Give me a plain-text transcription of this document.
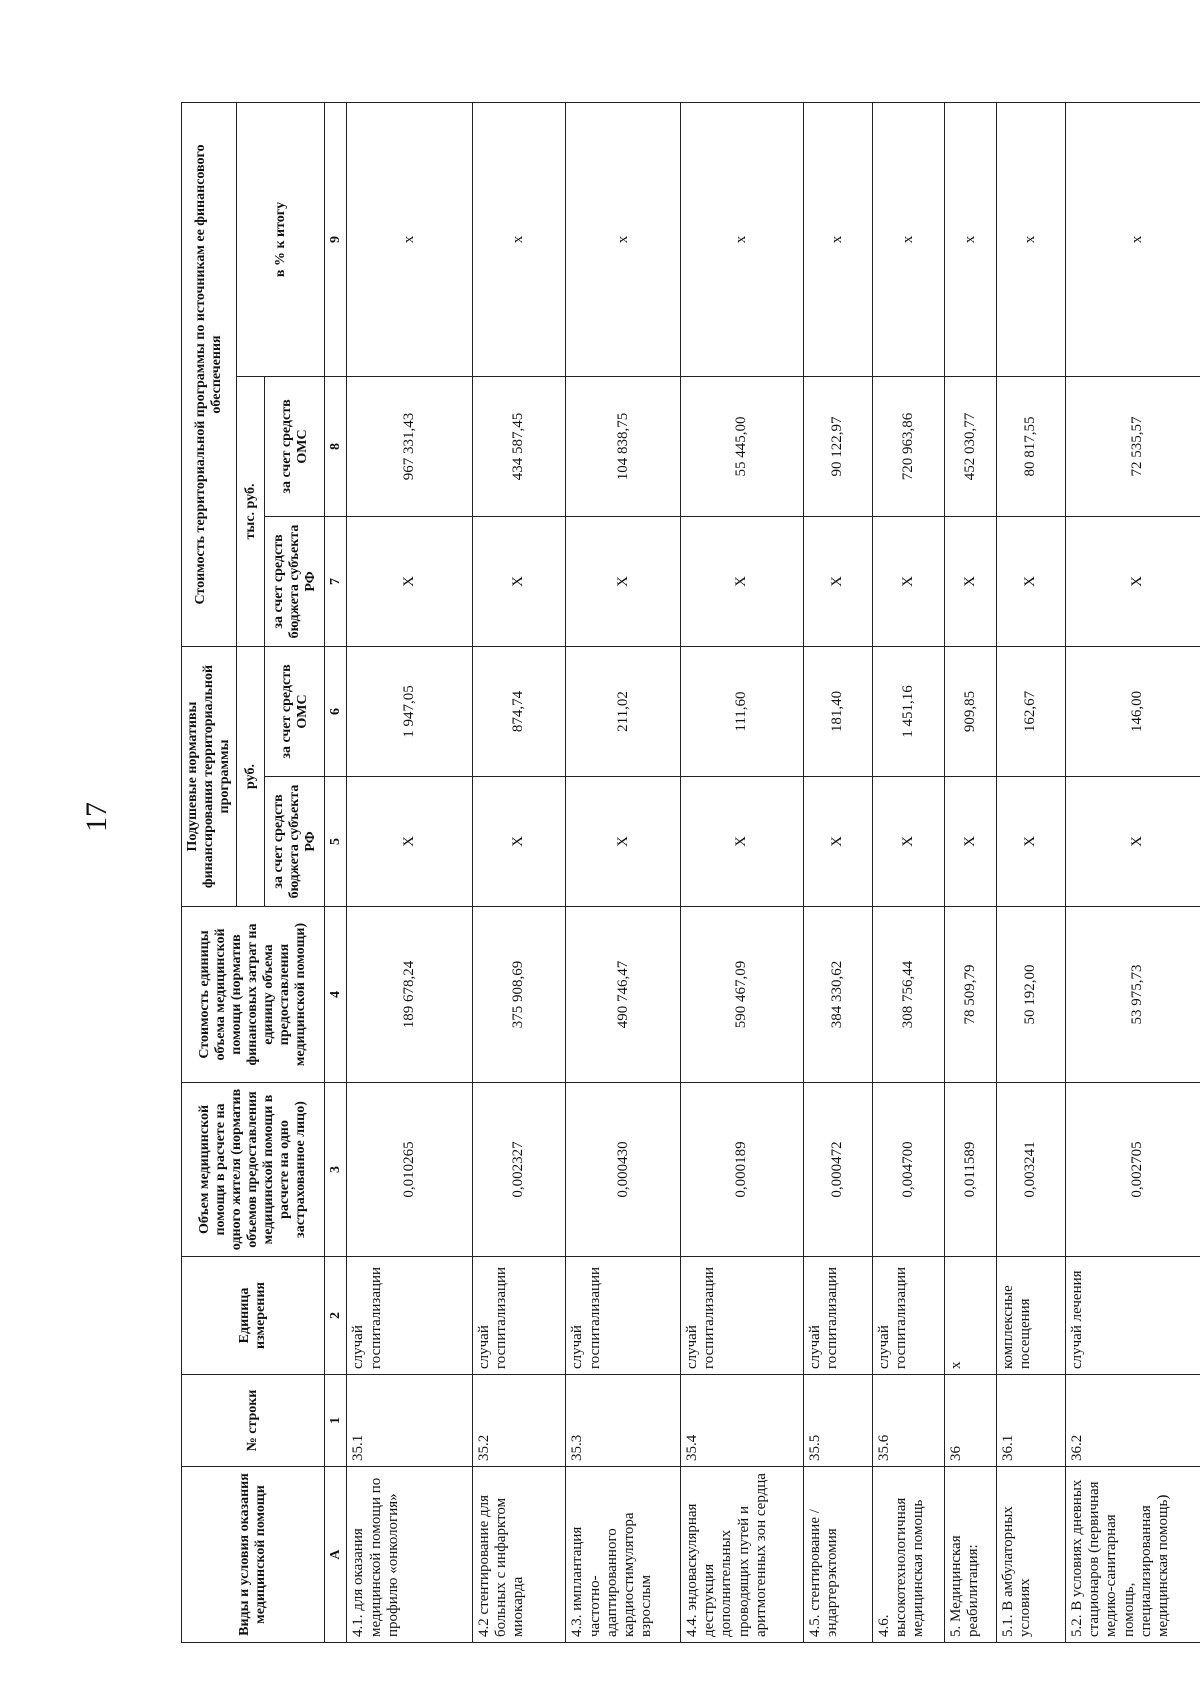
17
Виды и условия оказания медицинской помощи	№ строки	Единица измерения	Объем медицинской помощи в расчете на одного жителя (норматив объемов предоставления медицинской помощи в расчете на одно застрахованное лицо)	Стоимость единицы объема медицинской помощи (норматив финансовых затрат на единицу объема предоставления медицинской помощи)	Подушевые нормативы финансирования территориальной программы		Стоимость территориальной программы по источникам ее финансового обеспечения		
					руб.		тыс. руб.		в % к итогу
					за счет средств бюджета субъекта РФ	за счет средств ОМС	за счет средств бюджета субъекта РФ	за счет средств ОМС	
А	1	2	3	4	5	6	7	8	9
4.1. для оказания медицинской помощи по профилю «онкология»	35.1	случай госпитализации	0,010265	189 678,24	Х	1 947,05	Х	967 331,43	х
4.2 стентирование для больных с инфарктом миокарда	35.2	случай госпитализации	0,002327	375 908,69	Х	874,74	Х	434 587,45	х
4.3. имплантация частотно-адаптированного кардиостимулятора взрослым	35.3	случай госпитализации	0,000430	490 746,47	Х	211,02	Х	104 838,75	х
4.4. эндоваскулярная деструкция дополнительных проводящих путей и аритмогенных зон сердца	35.4	случай госпитализации	0,000189	590 467,09	Х	111,60	Х	55 445,00	х
4.5. стентирование / эндартерэктомия	35.5	случай госпитализации	0,000472	384 330,62	Х	181,40	Х	90 122,97	х
4.6. высокотехнологичная медицинская помощь	35.6	случай госпитализации	0,004700	308 756,44	Х	1 451,16	Х	720 963,86	х
5. Медицинская реабилитация:	36	х	0,011589	78 509,79	Х	909,85	Х	452 030,77	х
5.1. В амбулаторных условиях	36.1	комплексные посещения	0,003241	50 192,00	Х	162,67	Х	80 817,55	х
5.2. В условиях дневных стационаров (первичная медико-санитарная помощь, специализированная медицинская помощь)	36.2	случай лечения	0,002705	53 975,73	Х	146,00	Х	72 535,57	х
